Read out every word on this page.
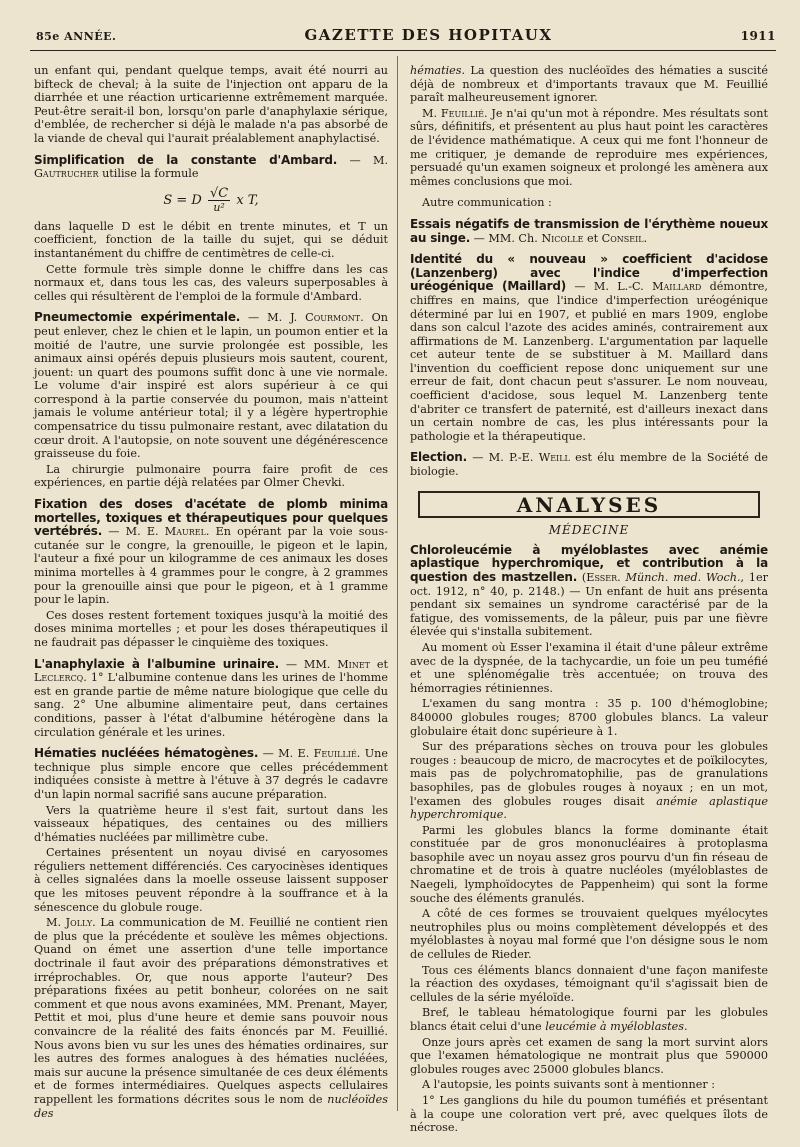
85e ANNÉE.	GAZETTE DES HOPITAUX	1911

un enfant qui, pendant quelque temps, avait été nourri au bifteck de cheval; à la suite de l'injection ont apparu de la diarrhée et une réaction urticarienne extrêmement marquée. Peut-être serait-il bon, lorsqu'on parle d'anaphylaxie sérique, d'emblée, de rechercher si déjà le malade n'a pas absorbé de la viande de cheval qui l'aurait préalablement anaphylactisé.

Simplification de la constante d'Ambard. — M. Gautrucher utilise la formule

S = D $\frac{√C}{\text{u²}}$ x T,

dans laquelle D est le débit en trente minutes, et T un coefficient, fonction de la taille du sujet, qui se déduit instantanément du chiffre de centimètres de celle-ci.

Cette formule très simple donne le chiffre dans les cas normaux et, dans tous les cas, des valeurs superposables à celles qui résultèrent de l'emploi de la formule d'Ambard.

Pneumectomie expérimentale. — M. J. Courmont. On peut enlever, chez le chien et le lapin, un poumon entier et la moitié de l'autre, une survie prolongée est possible, les animaux ainsi opérés depuis plusieurs mois sautent, courent, jouent: un quart des poumons suffit donc à une vie normale. Le volume d'air inspiré est alors supérieur à ce qui correspond à la partie conservée du poumon, mais n'atteint jamais le volume antérieur total; il y a légère hypertrophie compensatrice du tissu pulmonaire restant, avec dilatation du cœur droit. A l'autopsie, on note souvent une dégénérescence graisseuse du foie.

La chirurgie pulmonaire pourra faire profit de ces expériences, en partie déjà relatées par Olmer Chevki.

Fixation des doses d'acétate de plomb minima mortelles, toxiques et thérapeutiques pour quelques vertébrés. — M. E. Maurel. En opérant par la voie sous-cutanée sur le congre, la grenouille, le pigeon et le lapin, l'auteur a fixé pour un kilogramme de ces animaux les doses minima mortelles à 4 grammes pour le congre, à 2 grammes pour la grenouille ainsi que pour le pigeon, et à 1 gramme pour le lapin.

Ces doses restent fortement toxiques jusqu'à la moitié des doses minima mortelles ; et pour les doses thérapeutiques il ne faudrait pas dépasser le cinquième des toxiques.

L'anaphylaxie à l'albumine urinaire. — MM. Minet et Leclercq. 1° L'albumine contenue dans les urines de l'homme est en grande partie de même nature biologique que celle du sang. 2° Une albumine alimentaire peut, dans certaines conditions, passer à l'état d'albumine hétérogène dans la circulation générale et les urines.

Hématies nucléées hématogènes. — M. E. Feuillié. Une technique plus simple encore que celles précédemment indiquées consiste à mettre à l'étuve à 37 degrés le cadavre d'un lapin normal sacrifié sans aucune préparation.

Vers la quatrième heure il s'est fait, surtout dans les vaisseaux hépatiques, des centaines ou des milliers d'hématies nucléées par millimètre cube.

Certaines présentent un noyau divisé en caryosomes réguliers nettement différenciés. Ces caryocinèses identiques à celles signalées dans la moelle osseuse laissent supposer que les mitoses peuvent répondre à la souffrance et à la sénescence du globule rouge.

M. Jolly. La communication de M. Feuillié ne contient rien de plus que la précédente et soulève les mêmes objections. Quand on émet une assertion d'une telle importance doctrinale il faut avoir des préparations démonstratives et irréprochables. Or, que nous apporte l'auteur? Des préparations fixées au petit bonheur, colorées on ne sait comment et que nous avons examinées, MM. Prenant, Mayer, Pettit et moi, plus d'une heure et demie sans pouvoir nous convaincre de la réalité des faits énoncés par M. Feuillié. Nous avons bien vu sur les unes des hématies ordinaires, sur les autres des formes analogues à des hématies nucléées, mais sur aucune la présence simultanée de ces deux éléments et de formes intermédiaires. Quelques aspects cellulaires rappellent les formations décrites sous le nom de nucléoïdes des

hématies. La question des nucléoïdes des hématies a suscité déjà de nombreux et d'importants travaux que M. Feuillié paraît malheureusement ignorer.

M. Feuillié. Je n'ai qu'un mot à répondre. Mes résultats sont sûrs, définitifs, et présentent au plus haut point les caractères de l'évidence mathématique. A ceux qui me font l'honneur de me critiquer, je demande de reproduire mes expériences, persuadé qu'un examen soigneux et prolongé les amènera aux mêmes conclusions que moi.

Autre communication :

Essais négatifs de transmission de l'érythème noueux au singe. — MM. Ch. Nicolle et Conseil.

Identité du « nouveau » coefficient d'acidose (Lanzenberg) avec l'indice d'imperfection uréogénique (Maillard) — M. L.-C. Maillard démontre, chiffres en mains, que l'indice d'imperfection uréogénique déterminé par lui en 1907, et publié en mars 1909, englobe dans son calcul l'azote des acides aminés, contrairement aux affirmations de M. Lanzenberg. L'argumentation par laquelle cet auteur tente de se substituer à M. Maillard dans l'invention du coefficient repose donc uniquement sur une erreur de fait, dont chacun peut s'assurer. Le nom nouveau, coefficient d'acidose, sous lequel M. Lanzenberg tente d'abriter ce transfert de paternité, est d'ailleurs inexact dans un certain nombre de cas, les plus intéressants pour la pathologie et la thérapeutique.

Election. — M. P.-E. Weill est élu membre de la Société de biologie.

ANALYSES

MÉDECINE

Chloroleucémie à myéloblastes avec anémie aplastique hyperchromique, et contribution à la question des mastzellen. (Esser. Münch. med. Woch., 1er oct. 1912, n° 40, p. 2148.) — Un enfant de huit ans présenta pendant six semaines un syndrome caractérisé par de la fatigue, des vomissements, de la pâleur, puis par une fièvre élevée qui s'installa subitement.

Au moment où Esser l'examina il était d'une pâleur extrême avec de la dyspnée, de la tachycardie, un foie un peu tuméfié et une splénomégalie très accentuée; on trouva des hémorragies rétiniennes.

L'examen du sang montra : 35 p. 100 d'hémoglobine; 840000 globules rouges; 8700 globules blancs. La valeur globulaire était donc supérieure à 1.

Sur des préparations sèches on trouva pour les globules rouges : beaucoup de micro, de macrocytes et de poïkilocytes, mais pas de polychromatophilie, pas de granulations basophiles, pas de globules rouges à noyaux ; en un mot, l'examen des globules rouges disait anémie aplastique hyperchromique.

Parmi les globules blancs la forme dominante était constituée par de gros mononucléaires à protoplasma basophile avec un noyau assez gros pourvu d'un fin réseau de chromatine et de trois à quatre nucléoles (myéloblastes de Naegeli, lymphoïdocytes de Pappenheim) qui sont la forme souche des éléments granulés.

A côté de ces formes se trouvaient quelques myélocytes neutrophiles plus ou moins complètement développés et des myéloblastes à noyau mal formé que l'on désigne sous le nom de cellules de Rieder.

Tous ces éléments blancs donnaient d'une façon manifeste la réaction des oxydases, témoignant qu'il s'agissait bien de cellules de la série myéloïde.

Bref, le tableau hématologique fourni par les globules blancs était celui d'une leucémie à myéloblastes.

Onze jours après cet examen de sang la mort survint alors que l'examen hématologique ne montrait plus que 590000 globules rouges avec 25000 globules blancs.

A l'autopsie, les points suivants sont à mentionner :

1° Les ganglions du hile du poumon tuméfiés et présentant à la coupe une coloration vert pré, avec quelques îlots de nécrose.
